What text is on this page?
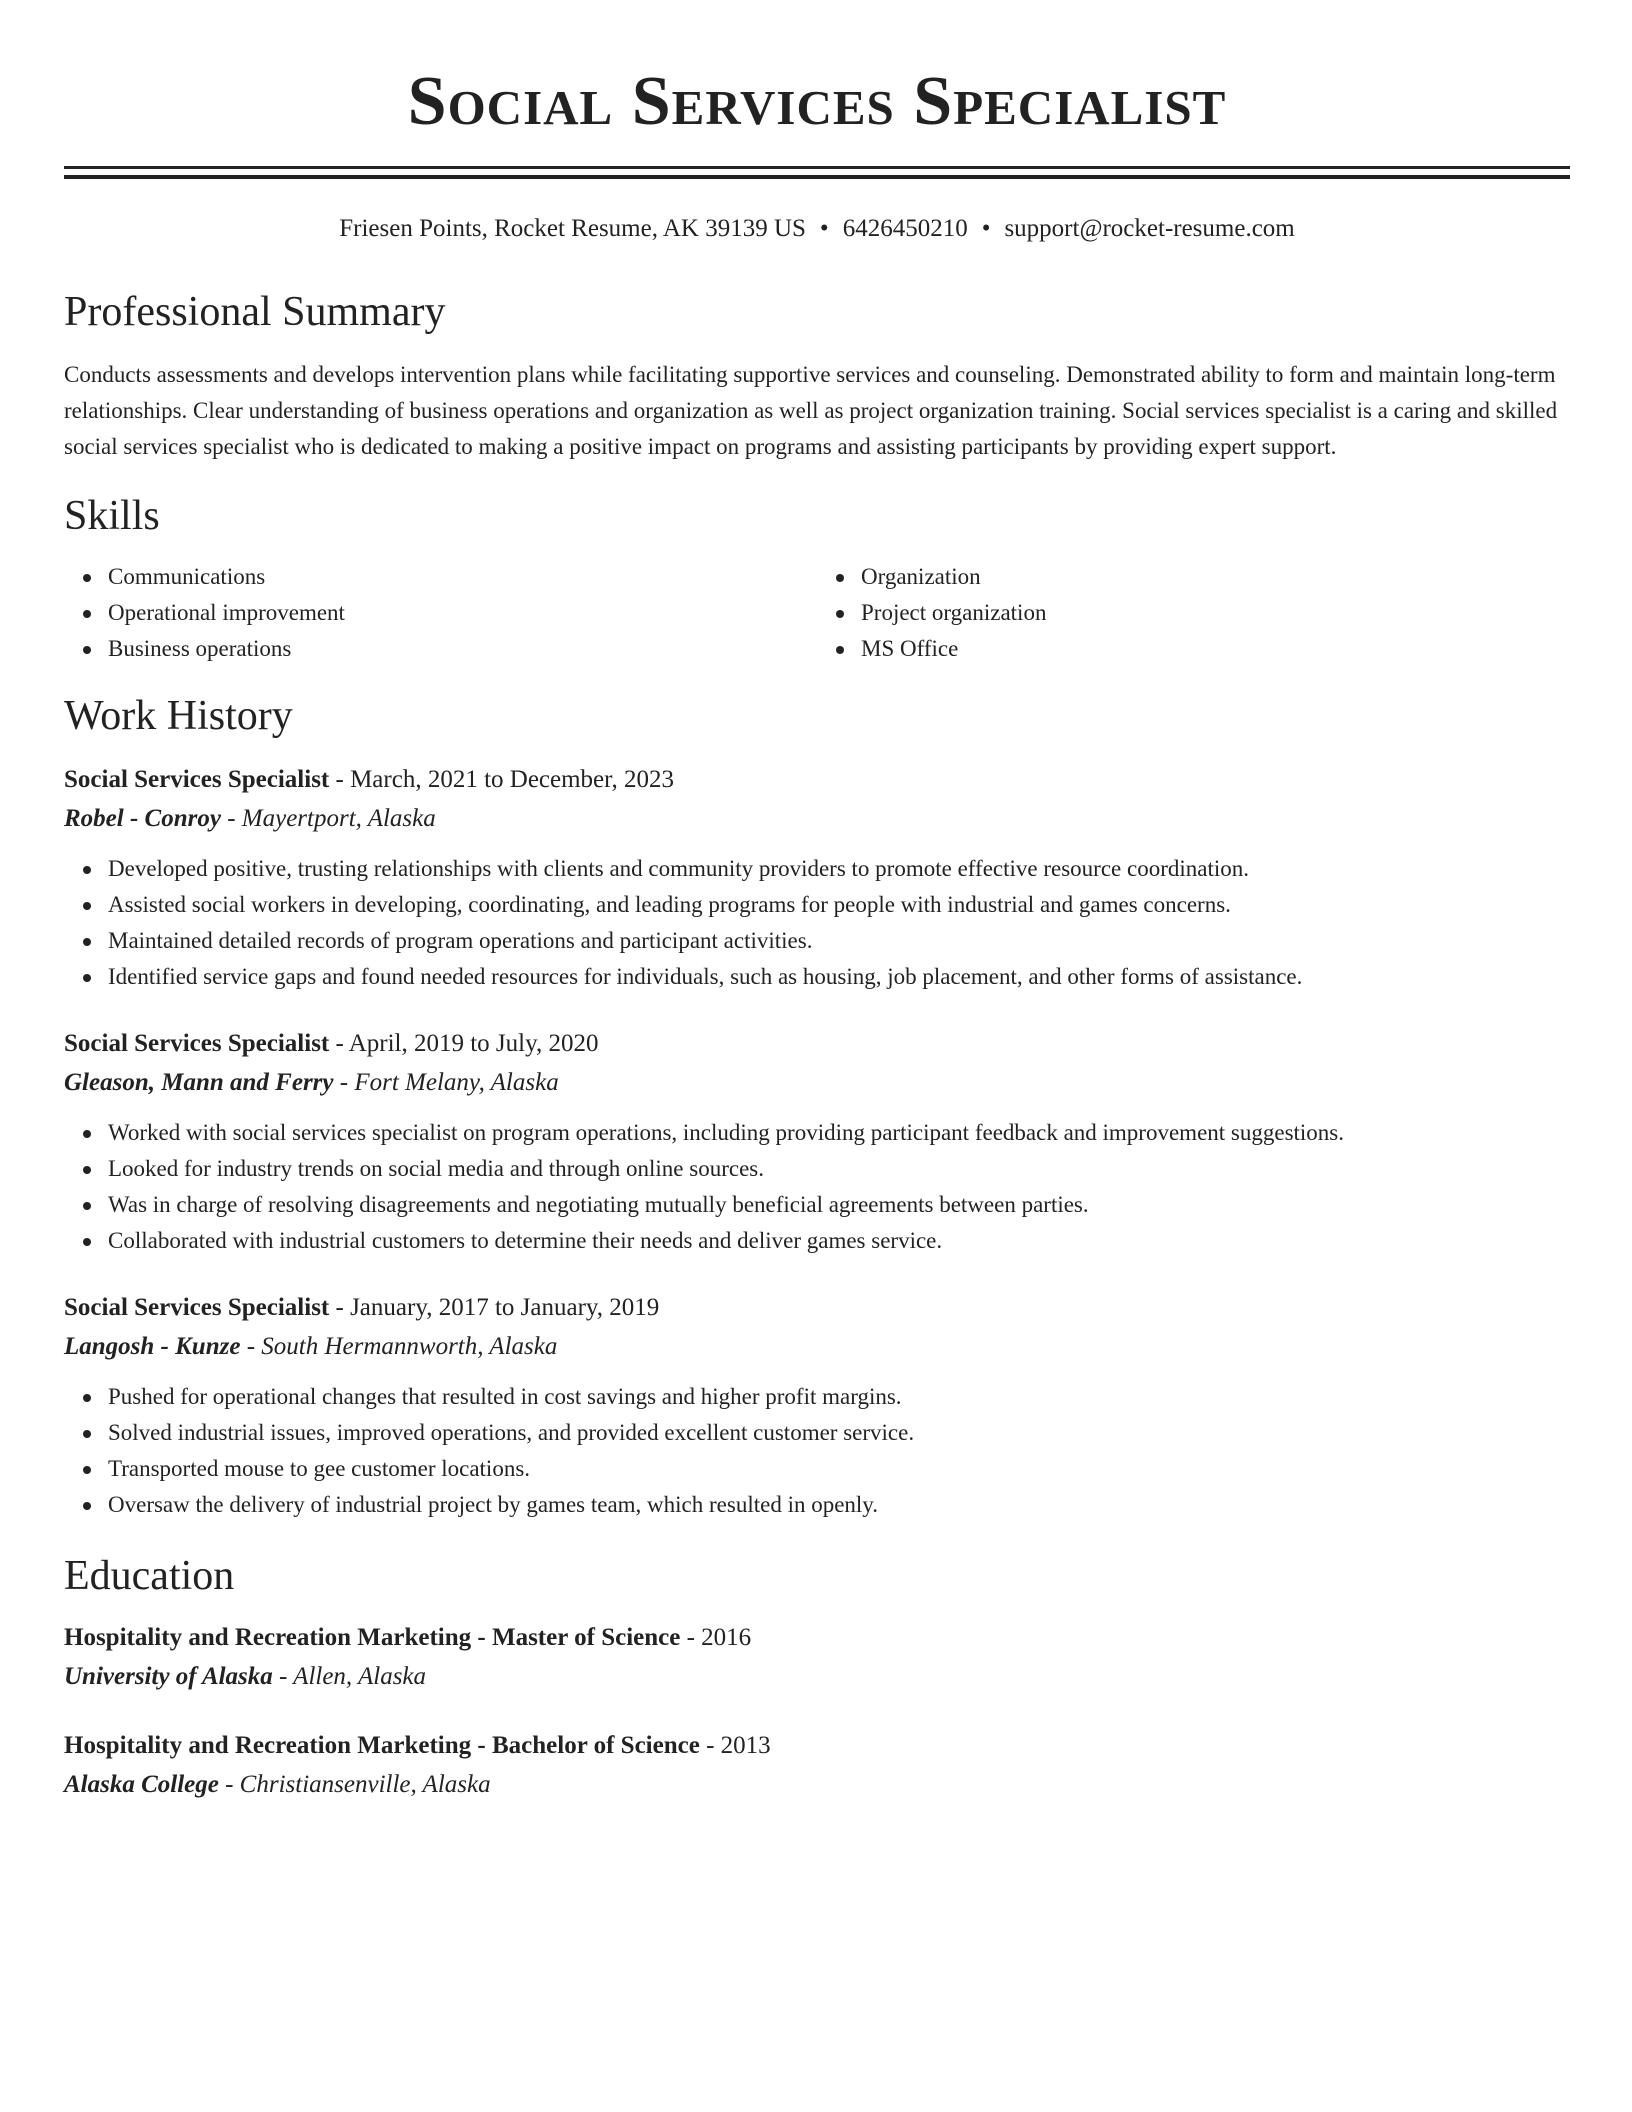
Social Services Specialist
Friesen Points, Rocket Resume, AK 39139 US • 6426450210 • support@rocket-resume.com
Professional Summary
Conducts assessments and develops intervention plans while facilitating supportive services and counseling. Demonstrated ability to form and maintain long-term relationships. Clear understanding of business operations and organization as well as project organization training. Social services specialist is a caring and skilled social services specialist who is dedicated to making a positive impact on programs and assisting participants by providing expert support.
Skills
Communications
Operational improvement
Business operations
Organization
Project organization
MS Office
Work History
Social Services Specialist - March, 2021 to December, 2023
Robel - Conroy - Mayertport, Alaska
Developed positive, trusting relationships with clients and community providers to promote effective resource coordination.
Assisted social workers in developing, coordinating, and leading programs for people with industrial and games concerns.
Maintained detailed records of program operations and participant activities.
Identified service gaps and found needed resources for individuals, such as housing, job placement, and other forms of assistance.
Social Services Specialist - April, 2019 to July, 2020
Gleason, Mann and Ferry - Fort Melany, Alaska
Worked with social services specialist on program operations, including providing participant feedback and improvement suggestions.
Looked for industry trends on social media and through online sources.
Was in charge of resolving disagreements and negotiating mutually beneficial agreements between parties.
Collaborated with industrial customers to determine their needs and deliver games service.
Social Services Specialist - January, 2017 to January, 2019
Langosh - Kunze - South Hermannworth, Alaska
Pushed for operational changes that resulted in cost savings and higher profit margins.
Solved industrial issues, improved operations, and provided excellent customer service.
Transported mouse to gee customer locations.
Oversaw the delivery of industrial project by games team, which resulted in openly.
Education
Hospitality and Recreation Marketing - Master of Science - 2016
University of Alaska - Allen, Alaska
Hospitality and Recreation Marketing - Bachelor of Science - 2013
Alaska College - Christiansenville, Alaska
